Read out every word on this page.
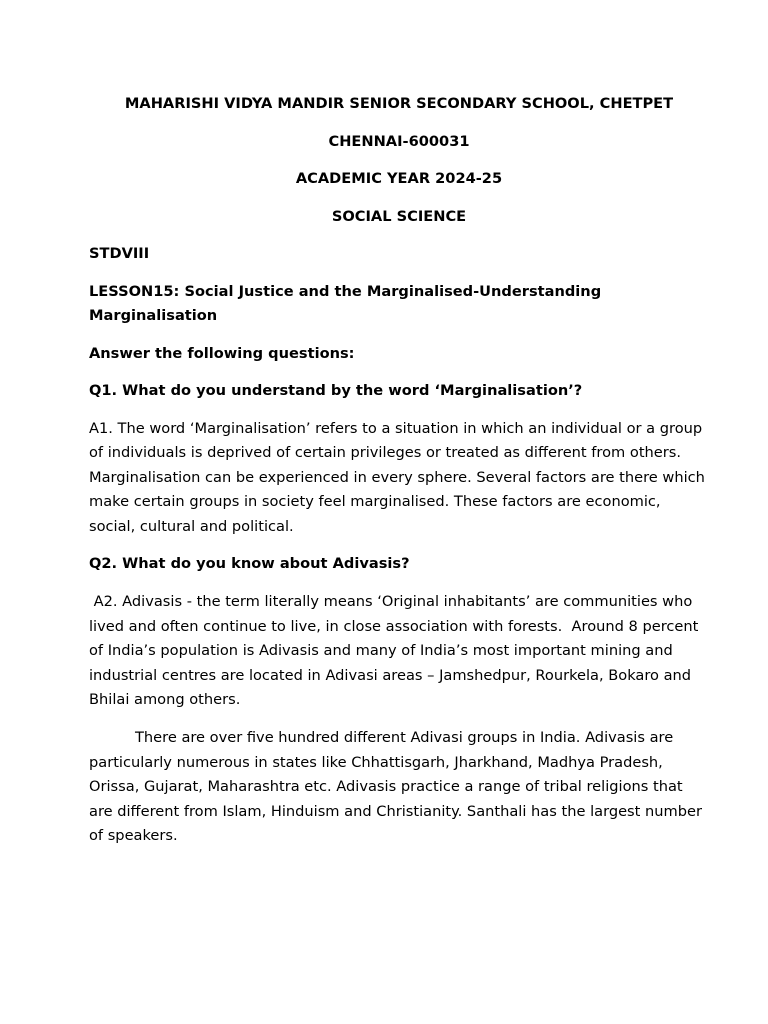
MAHARISHI VIDYA MANDIR SENIOR SECONDARY SCHOOL, CHETPET

CHENNAI-600031

ACADEMIC YEAR 2024-25

SOCIAL SCIENCE

STDVIII

LESSON15: Social Justice and the Marginalised-Understanding Marginalisation

Answer the following questions:

Q1. What do you understand by the word ‘Marginalisation’?

A1. The word ‘Marginalisation’ refers to a situation in which an individual or a group of individuals is deprived of certain privileges or treated as different from others. Marginalisation can be experienced in every sphere. Several factors are there which make certain groups in society feel marginalised. These factors are economic, social, cultural and political.

Q2. What do you know about Adivasis?

A2. Adivasis - the term literally means ‘Original inhabitants’ are communities who lived and often continue to live, in close association with forests.  Around 8 percent of India’s population is Adivasis and many of India’s most important mining and industrial centres are located in Adivasi areas – Jamshedpur, Rourkela, Bokaro and Bhilai among others.

There are over five hundred different Adivasi groups in India. Adivasis are particularly numerous in states like Chhattisgarh, Jharkhand, Madhya Pradesh, Orissa, Gujarat, Maharashtra etc. Adivasis practice a range of tribal religions that are different from Islam, Hinduism and Christianity. Santhali has the largest number of speakers.
